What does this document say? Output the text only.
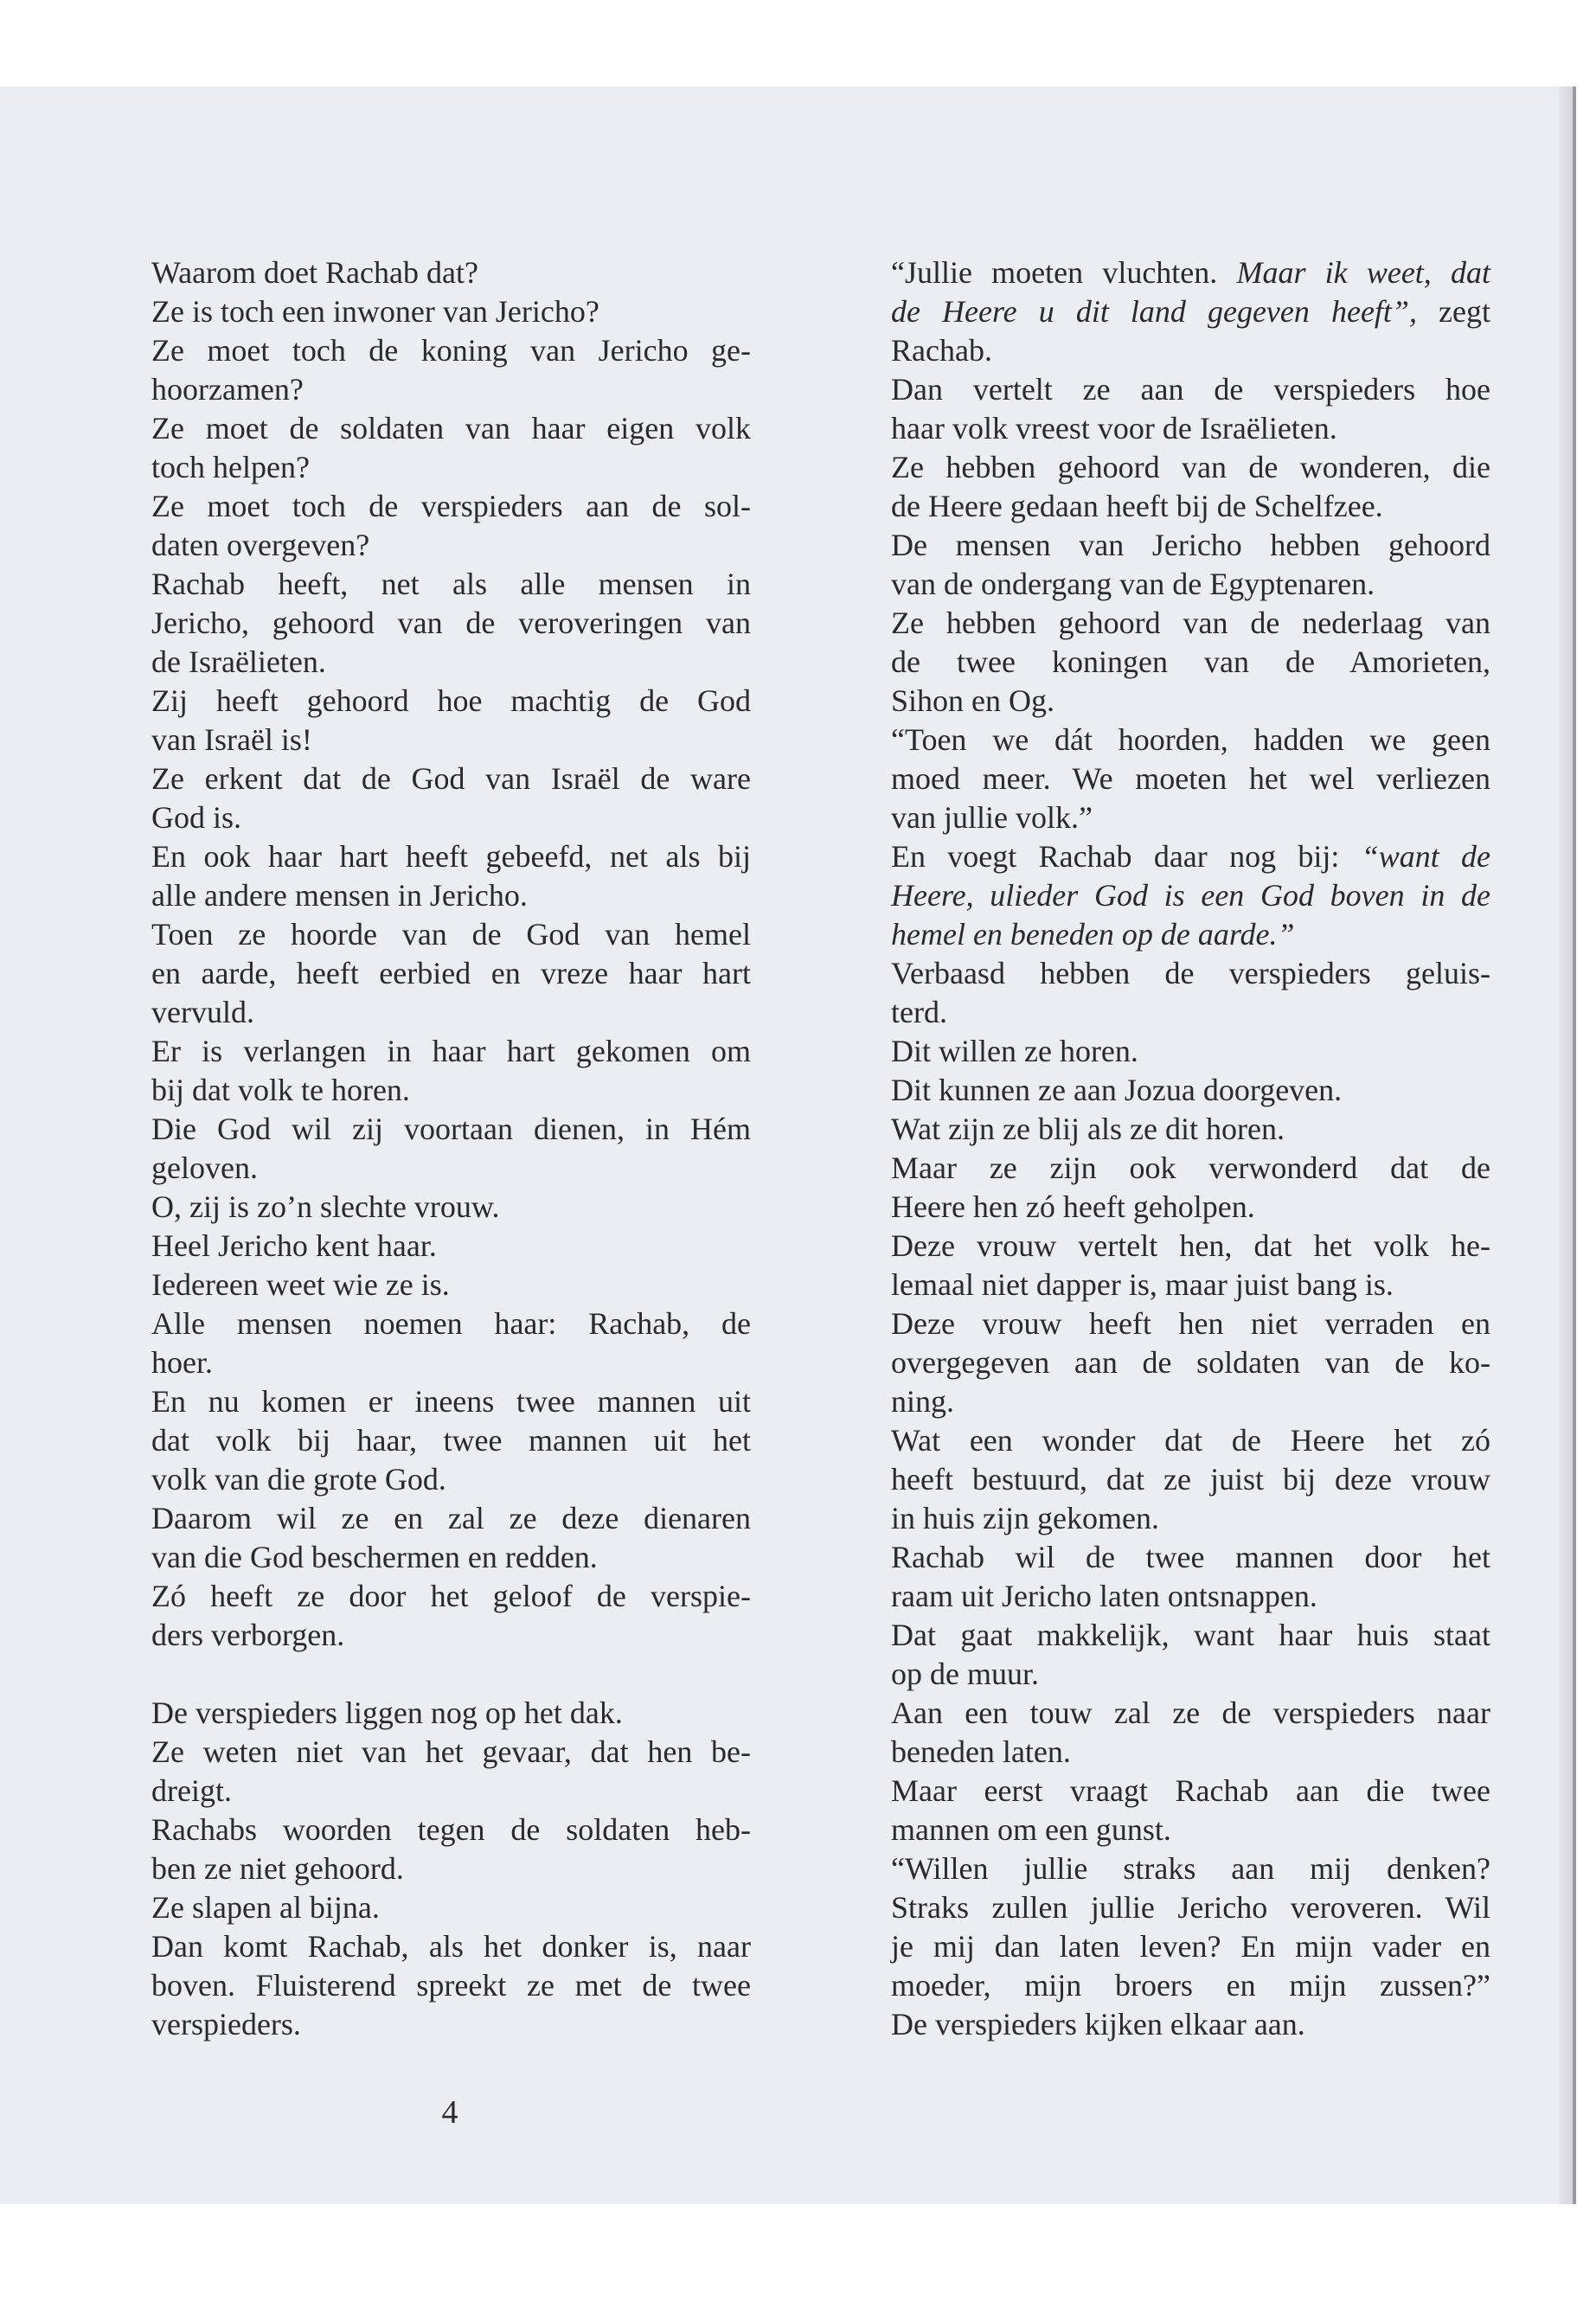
Waarom doet Rachab dat?
Ze is toch een inwoner van Jericho?
Ze moet toch de koning van Jericho ge-
hoorzamen?
Ze moet de soldaten van haar eigen volk
toch helpen?
Ze moet toch de verspieders aan de sol-
daten overgeven?
Rachab heeft, net als alle mensen in
Jericho, gehoord van de veroveringen van
de Israëlieten.
Zij heeft gehoord hoe machtig de God
van Israël is!
Ze erkent dat de God van Israël de ware
God is.
En ook haar hart heeft gebeefd, net als bij
alle andere mensen in Jericho.
Toen ze hoorde van de God van hemel
en aarde, heeft eerbied en vreze haar hart
vervuld.
Er is verlangen in haar hart gekomen om
bij dat volk te horen.
Die God wil zij voortaan dienen, in Hém
geloven.
O, zij is zo’n slechte vrouw.
Heel Jericho kent haar.
Iedereen weet wie ze is.
Alle mensen noemen haar: Rachab, de
hoer.
En nu komen er ineens twee mannen uit
dat volk bij haar, twee mannen uit het
volk van die grote God.
Daarom wil ze en zal ze deze dienaren
van die God beschermen en redden.
Zó heeft ze door het geloof de verspie-
ders verborgen.
De verspieders liggen nog op het dak.
Ze weten niet van het gevaar, dat hen be-
dreigt.
Rachabs woorden tegen de soldaten heb-
ben ze niet gehoord.
Ze slapen al bijna.
Dan komt Rachab, als het donker is, naar
boven. Fluisterend spreekt ze met de twee
verspieders.
“Jullie moeten vluchten. Maar ik weet, dat
de Heere u dit land gegeven heeft”, zegt
Rachab.
Dan vertelt ze aan de verspieders hoe
haar volk vreest voor de Israëlieten.
Ze hebben gehoord van de wonderen, die
de Heere gedaan heeft bij de Schelfzee.
De mensen van Jericho hebben gehoord
van de ondergang van de Egyptenaren.
Ze hebben gehoord van de nederlaag van
de twee koningen van de Amorieten,
Sihon en Og.
“Toen we dát hoorden, hadden we geen
moed meer. We moeten het wel verliezen
van jullie volk.”
En voegt Rachab daar nog bij: “want de
Heere, ulieder God is een God boven in de
hemel en beneden op de aarde.”
Verbaasd hebben de verspieders geluis-
terd.
Dit willen ze horen.
Dit kunnen ze aan Jozua doorgeven.
Wat zijn ze blij als ze dit horen.
Maar ze zijn ook verwonderd dat de
Heere hen zó heeft geholpen.
Deze vrouw vertelt hen, dat het volk he-
lemaal niet dapper is, maar juist bang is.
Deze vrouw heeft hen niet verraden en
overgegeven aan de soldaten van de ko-
ning.
Wat een wonder dat de Heere het zó
heeft bestuurd, dat ze juist bij deze vrouw
in huis zijn gekomen.
Rachab wil de twee mannen door het
raam uit Jericho laten ontsnappen.
Dat gaat makkelijk, want haar huis staat
op de muur.
Aan een touw zal ze de verspieders naar
beneden laten.
Maar eerst vraagt Rachab aan die twee
mannen om een gunst.
“Willen jullie straks aan mij denken?
Straks zullen jullie Jericho veroveren. Wil
je mij dan laten leven? En mijn vader en
moeder, mijn broers en mijn zussen?”
De verspieders kijken elkaar aan.
4
